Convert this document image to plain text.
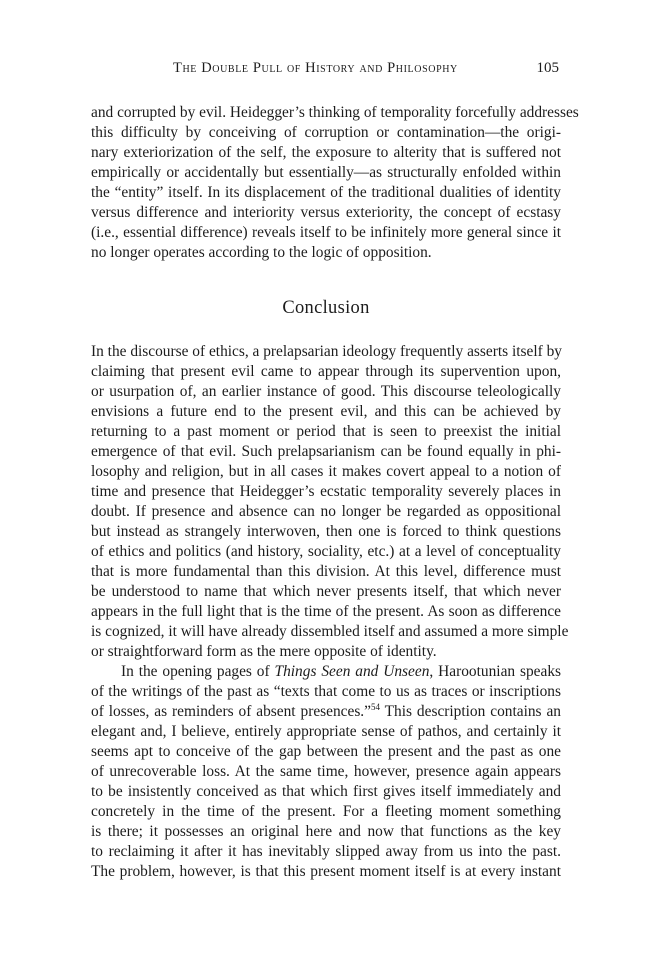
The Double Pull of History and Philosophy	105
and corrupted by evil. Heidegger’s thinking of temporality forcefully addresses
this difficulty by conceiving of corruption or contamination—the origi-
nary exteriorization of the self, the exposure to alterity that is suffered not
empirically or accidentally but essentially—as structurally enfolded within
the “entity” itself. In its displacement of the traditional dualities of identity
versus difference and interiority versus exteriority, the concept of ecstasy
(i.e., essential difference) reveals itself to be infinitely more general since it
no longer operates according to the logic of opposition.
Conclusion
In the discourse of ethics, a prelapsarian ideology frequently asserts itself by
claiming that present evil came to appear through its supervention upon,
or usurpation of, an earlier instance of good. This discourse teleologically
envisions a future end to the present evil, and this can be achieved by
returning to a past moment or period that is seen to preexist the initial
emergence of that evil. Such prelapsarianism can be found equally in phi-
losophy and religion, but in all cases it makes covert appeal to a notion of
time and presence that Heidegger’s ecstatic temporality severely places in
doubt. If presence and absence can no longer be regarded as oppositional
but instead as strangely interwoven, then one is forced to think questions
of ethics and politics (and history, sociality, etc.) at a level of conceptuality
that is more fundamental than this division. At this level, difference must
be understood to name that which never presents itself, that which never
appears in the full light that is the time of the present. As soon as difference
is cognized, it will have already dissembled itself and assumed a more simple
or straightforward form as the mere opposite of identity.
In the opening pages of Things Seen and Unseen, Harootunian speaks
of the writings of the past as “texts that come to us as traces or inscriptions
of losses, as reminders of absent presences.”$^{54}$ This description contains an
elegant and, I believe, entirely appropriate sense of pathos, and certainly it
seems apt to conceive of the gap between the present and the past as one
of unrecoverable loss. At the same time, however, presence again appears
to be insistently conceived as that which first gives itself immediately and
concretely in the time of the present. For a fleeting moment something
is there; it possesses an original here and now that functions as the key
to reclaiming it after it has inevitably slipped away from us into the past.
The problem, however, is that this present moment itself is at every instant
